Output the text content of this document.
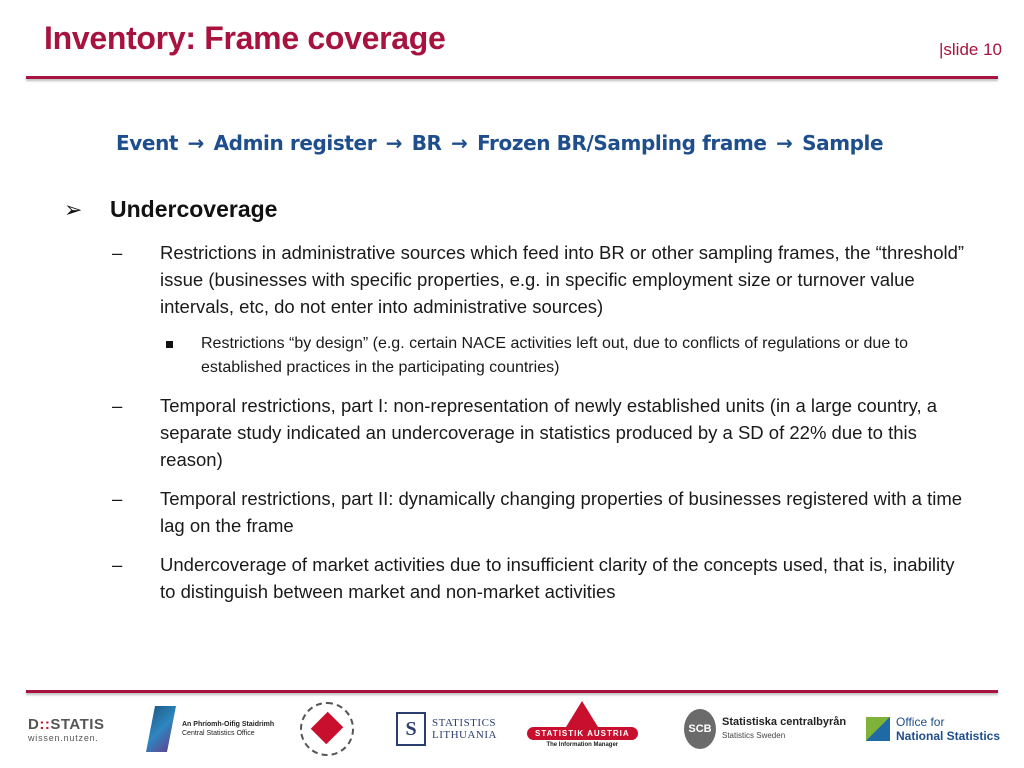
Inventory: Frame coverage	|slide 10
Event → Admin register → BR → Frozen BR/Sampling frame → Sample
➢ Undercoverage
–	Restrictions in administrative sources which feed into BR or other sampling frames, the “threshold” issue (businesses with specific properties, e.g. in specific employment size or turnover value intervals, etc, do not enter into administrative sources)
Restrictions “by design” (e.g. certain NACE activities left out, due to conflicts of regulations or due to established practices in the participating countries)
–	Temporal restrictions, part I: non-representation of newly established units (in a large country, a separate study indicated an undercoverage in statistics produced by a SD of 22% due to this reason)
–	Temporal restrictions, part II: dynamically changing properties of businesses registered with a time lag on the frame
–	Undercoverage of market activities due to insufficient clarity of the concepts used, that is, inability to distinguish between market and non-market activities
D::STATIS
wissen.nutzen.
An Phríomh-Oifig Staidrimh
Central Statistics Office	S	STATISTICS
LITHUANIA	STATISTIK AUSTRIA
The Information Manager
SCB
Statistiska centralbyrån
Statistics Sweden
Office for
National Statistics
